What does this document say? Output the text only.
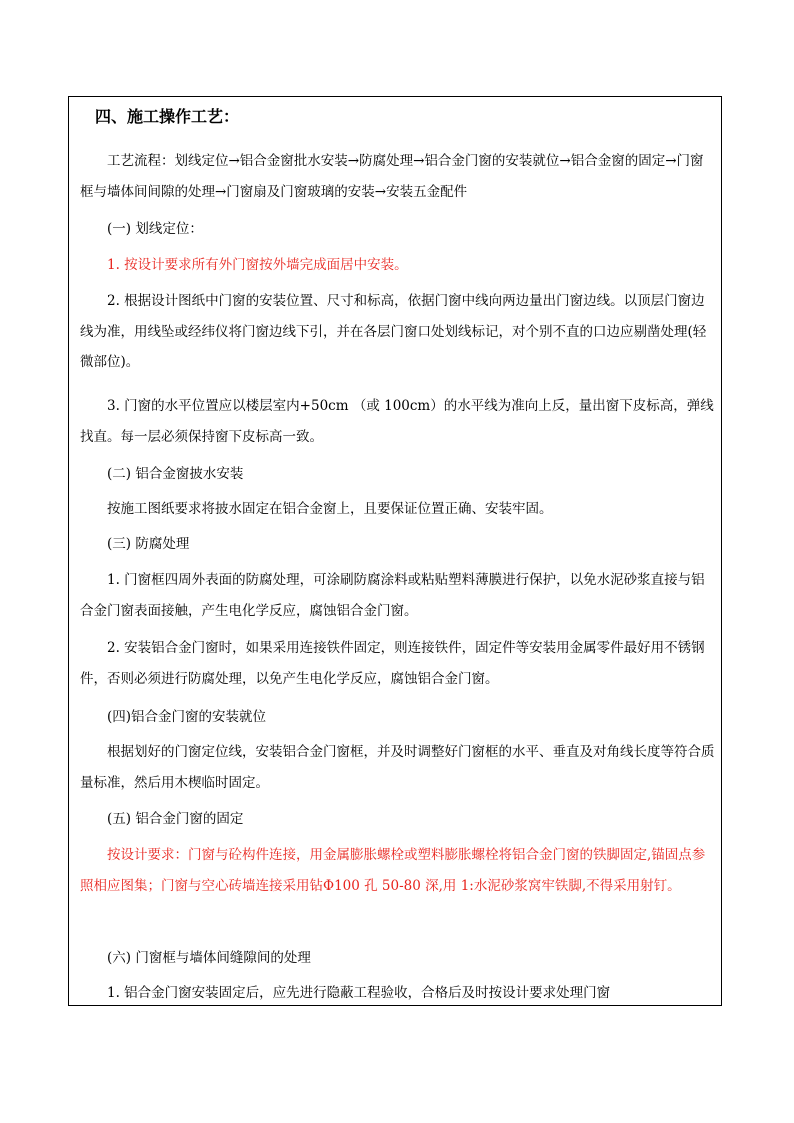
四、施工操作工艺：

工艺流程：划线定位→铝合金窗批水安装→防腐处理→铝合金门窗的安装就位→铝合金窗的固定→门窗框与墙体间间隙的处理→门窗扇及门窗玻璃的安装→安装五金配件

(一) 划线定位：

1. 按设计要求所有外门窗按外墙完成面居中安装。

2. 根据设计图纸中门窗的安装位置、尺寸和标高，依据门窗中线向两边量出门窗边线。以顶层门窗边线为准，用线坠或经纬仪将门窗边线下引，并在各层门窗口处划线标记，对个别不直的口边应剔凿处理(轻微部位)。

3. 门窗的水平位置应以楼层室内+50cm （或 100cm）的水平线为准向上反，量出窗下皮标高，弹线找直。每一层必须保持窗下皮标高一致。

(二) 铝合金窗披水安装

按施工图纸要求将披水固定在铝合金窗上，且要保证位置正确、安装牢固。

(三) 防腐处理

1. 门窗框四周外表面的防腐处理，可涂刷防腐涂料或粘贴塑料薄膜进行保护，以免水泥砂浆直接与铝合金门窗表面接触，产生电化学反应，腐蚀铝合金门窗。

2. 安装铝合金门窗时，如果采用连接铁件固定，则连接铁件，固定件等安装用金属零件最好用不锈钢件，否则必须进行防腐处理，以免产生电化学反应，腐蚀铝合金门窗。

(四)铝合金门窗的安装就位

根据划好的门窗定位线，安装铝合金门窗框，并及时调整好门窗框的水平、垂直及对角线长度等符合质量标准，然后用木楔临时固定。

(五) 铝合金门窗的固定

按设计要求：门窗与砼构件连接，用金属膨胀螺栓或塑料膨胀螺栓将铝合金门窗的铁脚固定,锚固点参照相应图集；门窗与空心砖墙连接采用钻Φ100 孔 50-80 深,用 1:水泥砂浆窝牢铁脚,不得采用射钉。

(六) 门窗框与墙体间缝隙间的处理

1. 铝合金门窗安装固定后，应先进行隐蔽工程验收，合格后及时按设计要求处理门窗
